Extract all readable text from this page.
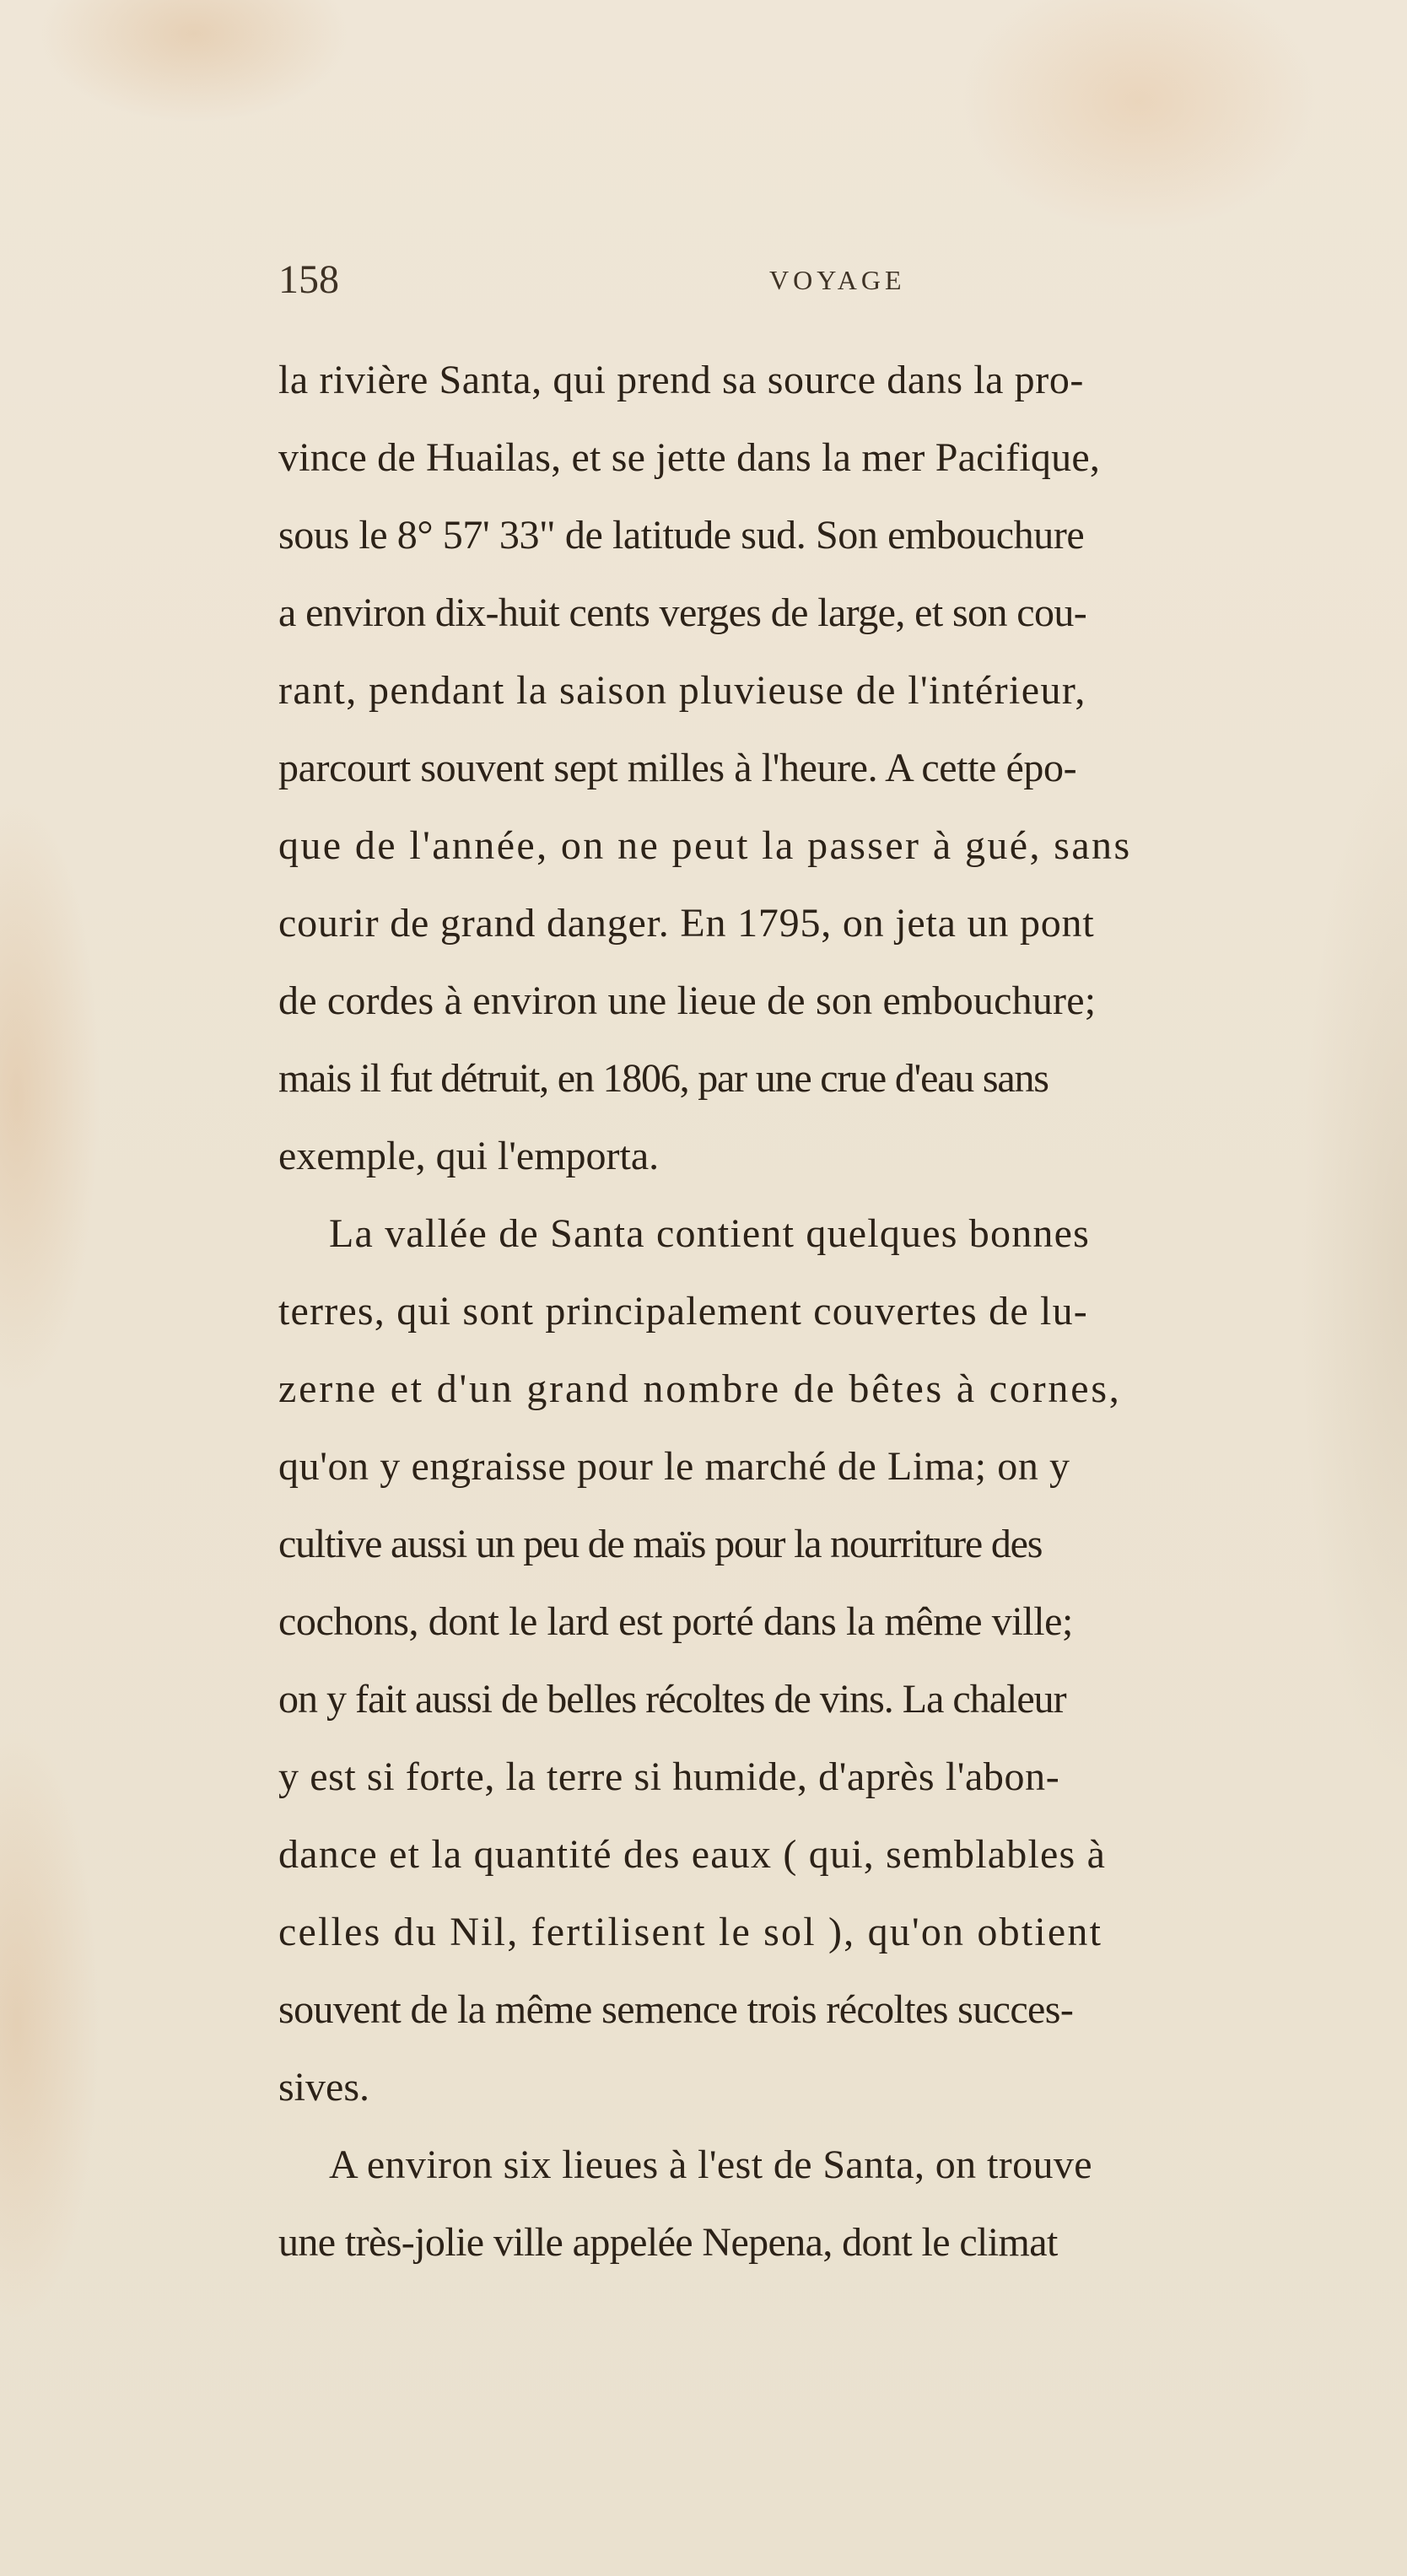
158	VOYAGE
la rivière Santa, qui prend sa source dans la pro-
vince de Huailas, et se jette dans la mer Pacifique,
sous le 8° 57' 33" de latitude sud. Son embouchure
a environ dix-huit cents verges de large, et son cou-
rant, pendant la saison pluvieuse de l'intérieur,
parcourt souvent sept milles à l'heure. A cette épo-
que de l'année, on ne peut la passer à gué, sans
courir de grand danger. En 1795, on jeta un pont
de cordes à environ une lieue de son embouchure;
mais il fut détruit, en 1806, par une crue d'eau sans
exemple, qui l'emporta.
La vallée de Santa contient quelques bonnes
terres, qui sont principalement couvertes de lu-
zerne et d'un grand nombre de bêtes à cornes,
qu'on y engraisse pour le marché de Lima; on y
cultive aussi un peu de maïs pour la nourriture des
cochons, dont le lard est porté dans la même ville;
on y fait aussi de belles récoltes de vins. La chaleur
y est si forte, la terre si humide, d'après l'abon-
dance et la quantité des eaux ( qui, semblables à
celles du Nil, fertilisent le sol ), qu'on obtient
souvent de la même semence trois récoltes succes-
sives.
A environ six lieues à l'est de Santa, on trouve
une très-jolie ville appelée Nepena, dont le climat
